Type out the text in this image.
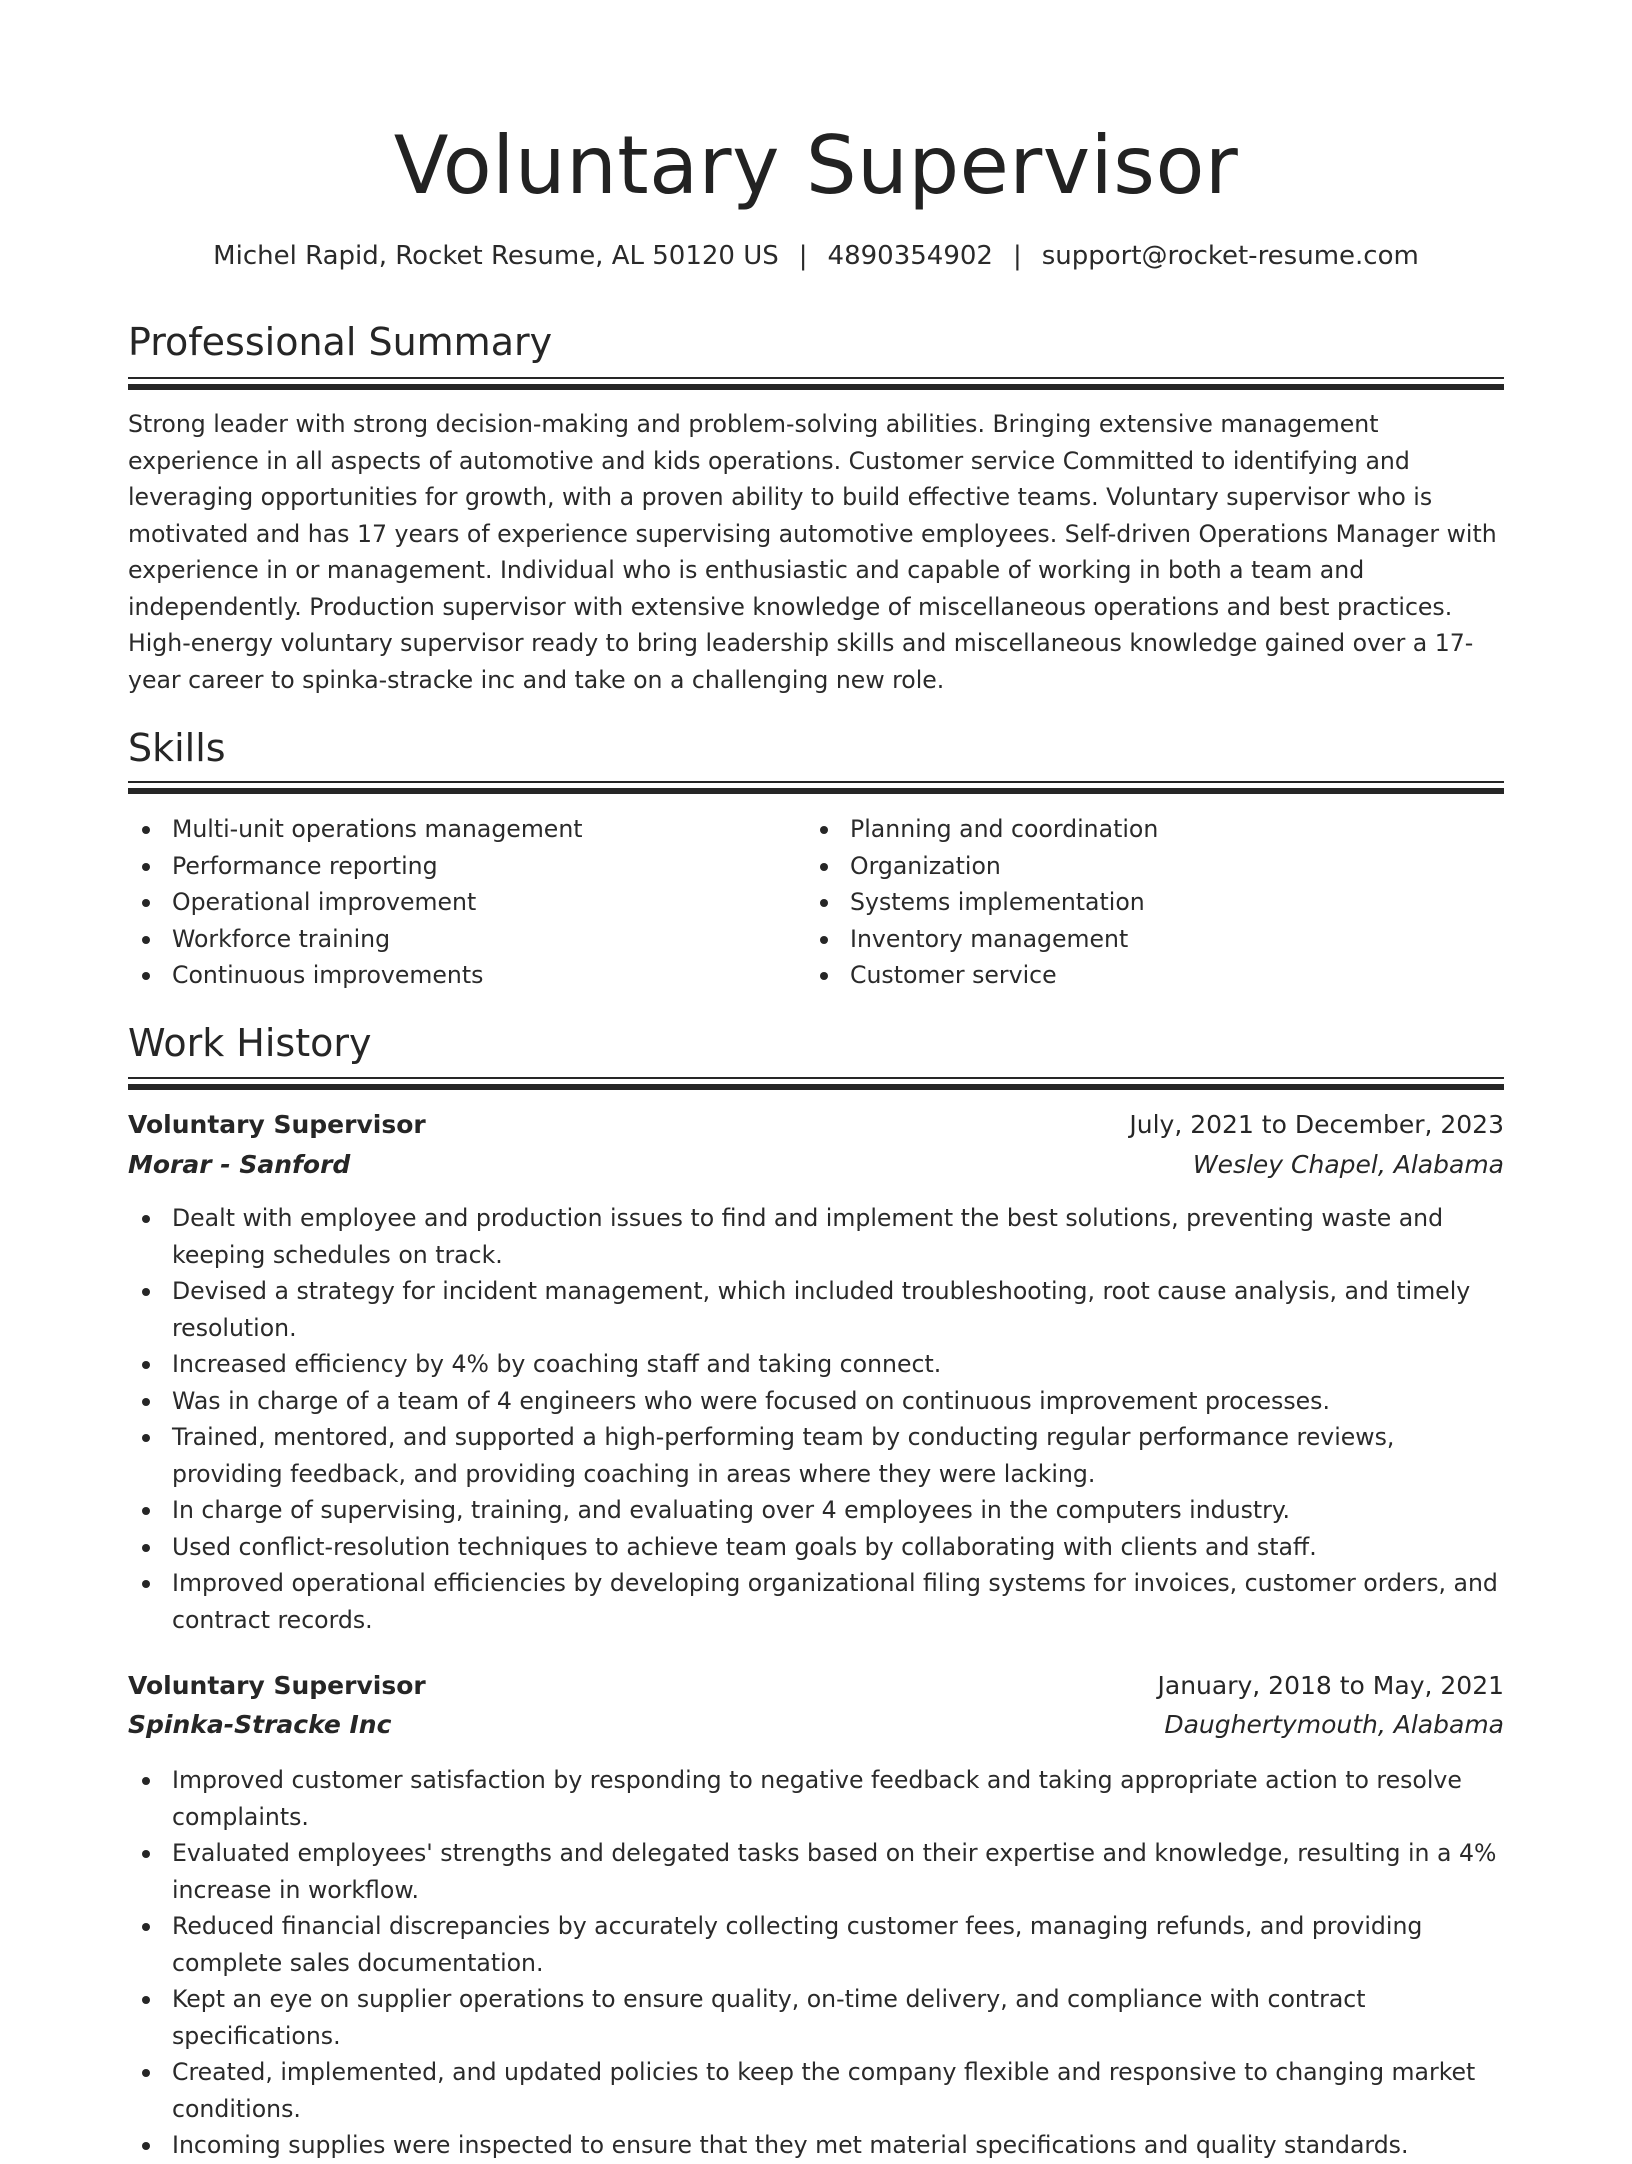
Voluntary Supervisor
Michel Rapid, Rocket Resume, AL 50120 US | 4890354902 | support@rocket-resume.com
Professional Summary
Strong leader with strong decision-making and problem-solving abilities. Bringing extensive management experience in all aspects of automotive and kids operations. Customer service Committed to identifying and leveraging opportunities for growth, with a proven ability to build effective teams. Voluntary supervisor who is motivated and has 17 years of experience supervising automotive employees. Self-driven Operations Manager with experience in or management. Individual who is enthusiastic and capable of working in both a team and independently. Production supervisor with extensive knowledge of miscellaneous operations and best practices. High-energy voluntary supervisor ready to bring leadership skills and miscellaneous knowledge gained over a 17-year career to spinka-stracke inc and take on a challenging new role.
Skills
Multi-unit operations management
Performance reporting
Operational improvement
Workforce training
Continuous improvements
Planning and coordination
Organization
Systems implementation
Inventory management
Customer service
Work History
Voluntary Supervisor	July, 2021 to December, 2023
Morar - Sanford	Wesley Chapel, Alabama
Dealt with employee and production issues to find and implement the best solutions, preventing waste and keeping schedules on track.
Devised a strategy for incident management, which included troubleshooting, root cause analysis, and timely resolution.
Increased efficiency by 4% by coaching staff and taking connect.
Was in charge of a team of 4 engineers who were focused on continuous improvement processes.
Trained, mentored, and supported a high-performing team by conducting regular performance reviews, providing feedback, and providing coaching in areas where they were lacking.
In charge of supervising, training, and evaluating over 4 employees in the computers industry.
Used conflict-resolution techniques to achieve team goals by collaborating with clients and staff.
Improved operational efficiencies by developing organizational filing systems for invoices, customer orders, and contract records.
Voluntary Supervisor	January, 2018 to May, 2021
Spinka-Stracke Inc	Daughertymouth, Alabama
Improved customer satisfaction by responding to negative feedback and taking appropriate action to resolve complaints.
Evaluated employees' strengths and delegated tasks based on their expertise and knowledge, resulting in a 4% increase in workflow.
Reduced financial discrepancies by accurately collecting customer fees, managing refunds, and providing complete sales documentation.
Kept an eye on supplier operations to ensure quality, on-time delivery, and compliance with contract specifications.
Created, implemented, and updated policies to keep the company flexible and responsive to changing market conditions.
Incoming supplies were inspected to ensure that they met material specifications and quality standards.
